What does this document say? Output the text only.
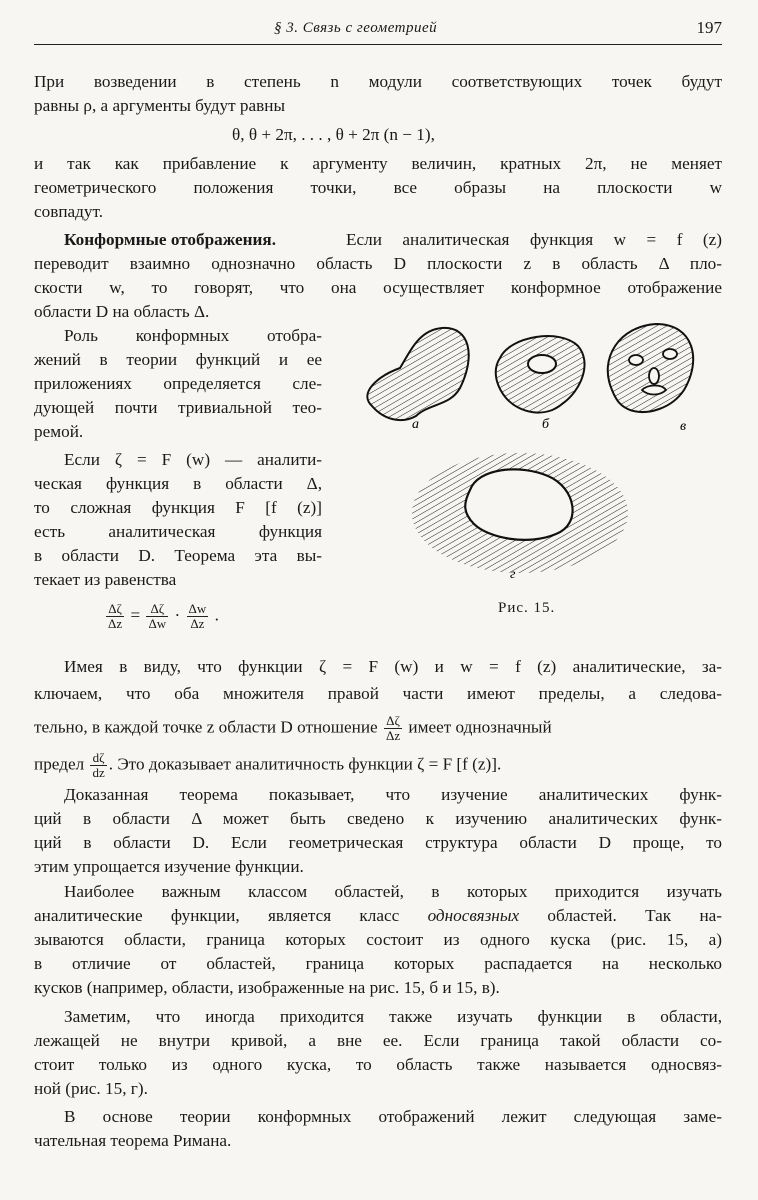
§ 3. Связь с геометрией	197
При возведении в степень n модули соответствующих точек будут
равны ρ, а аргументы будут равны
θ, θ + 2π, . . . , θ + 2π (n − 1),
и так как прибавление к аргументу величин, кратных 2π, не меняет
геометрического положения точки, все образы на плоскости w
совпадут.
Конформные отображения.	Если аналитическая функция w = f (z)
переводит взаимно однозначно область D плоскости z в область Δ пло-
скости w, то говорят, что она осуществляет конформное отображение
области D на область Δ.
Роль конформных отобра-
жений в теории функций и ее
приложениях определяется сле-
дующей почти тривиальной тео-
ремой.
Если ζ = F (w) — аналити-
ческая функция в области Δ,
то сложная функция F [f (z)]
есть аналитическая функция
в области D. Теорема эта вы-
текает из равенства
$\frac{\Delta\zeta}{\Delta z} = \frac{\Delta\zeta}{\Delta w} \cdot \frac{\Delta w}{\Delta z}$ .
а	б	в
г
Рис. 15.
Имея в виду, что функции ζ = F (w) и w = f (z) аналитические, за-
ключаем, что оба множителя правой части имеют пределы, а следова-
тельно, в каждой точке z области D отношение $\frac{\Delta\zeta}{\Delta z}$ имеет однозначный
предел $\frac{d\zeta}{dz}$ . Это доказывает аналитичность функции ζ = F [f (z)].
Доказанная теорема показывает, что изучение аналитических функ-
ций в области Δ может быть сведено к изучению аналитических функ-
ций в области D. Если геометрическая структура области D проще, то
этим упрощается изучение функции.
Наиболее важным классом областей, в которых приходится изучать
аналитические функции, является класс односвязных областей. Так на-
зываются области, граница которых состоит из одного куска (рис. 15, а)
в отличие от областей, граница которых распадается на несколько
кусков (например, области, изображенные на рис. 15, б и 15, в).
Заметим, что иногда приходится также изучать функции в области,
лежащей не внутри кривой, а вне ее. Если граница такой области со-
стоит только из одного куска, то область также называется односвяз-
ной (рис. 15, г).
В основе теории конформных отображений лежит следующая заме-
чательная теорема Римана.
